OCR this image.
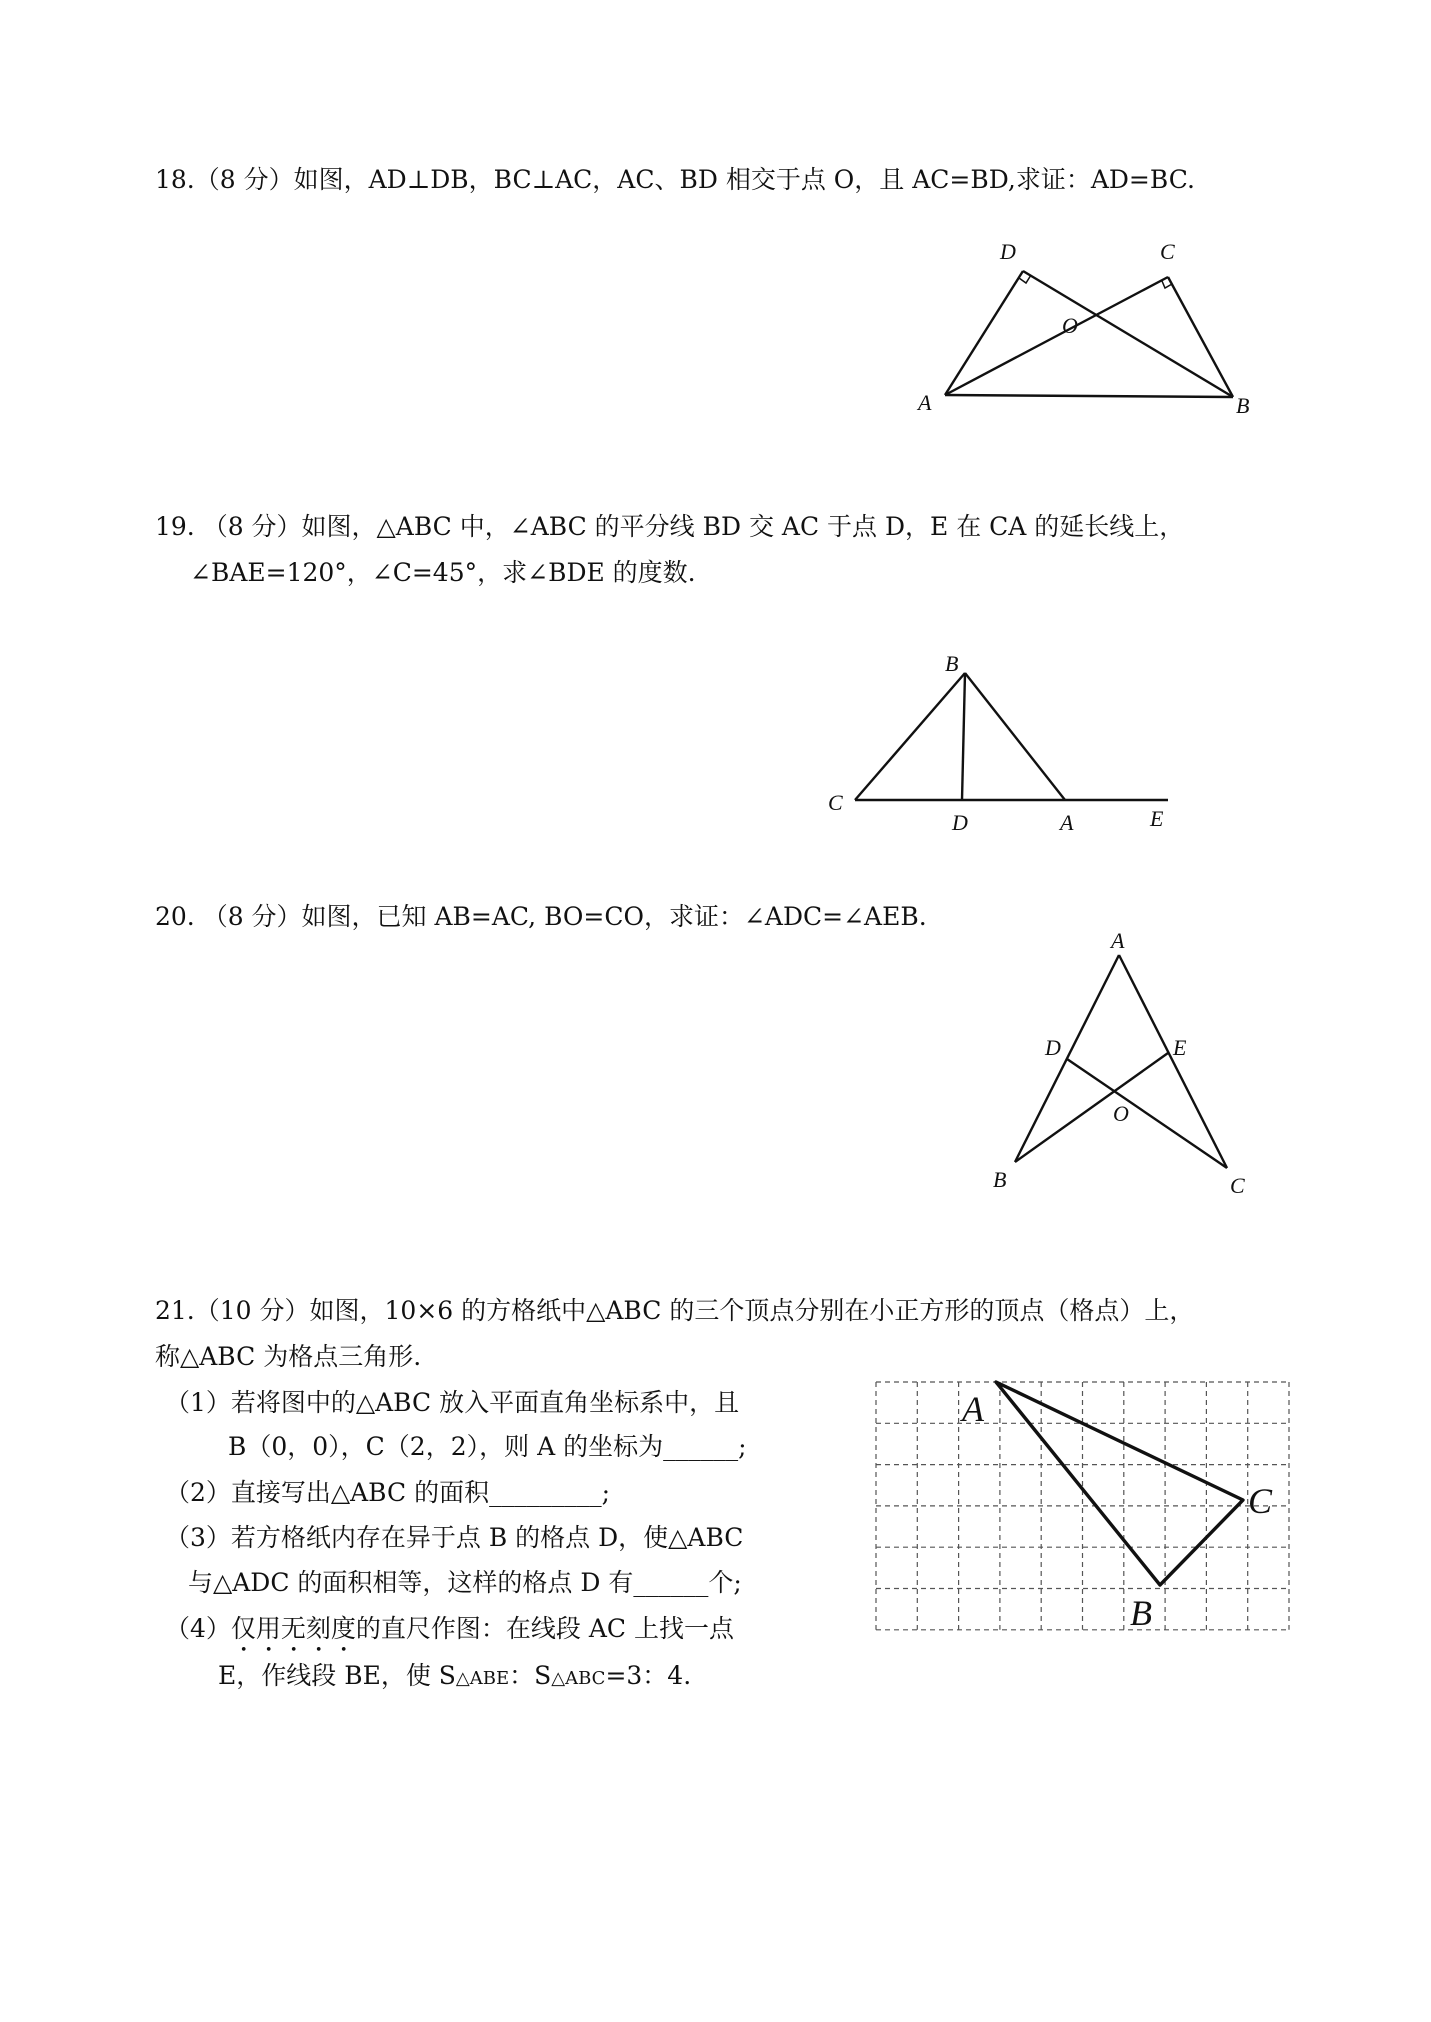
18.（8 分）如图，AD⊥DB，BC⊥AC，AC、BD 相交于点 O，且 AC=BD,求证：AD=BC.
D	C
O
A	B
19. （8 分）如图，△ABC 中，∠ABC 的平分线 BD 交 AC 于点 D，E 在 CA 的延长线上，
∠BAE=120°，∠C=45°，求∠BDE 的度数.
B
C
D	A	E
20. （8 分）如图，已知 AB=AC, BO=CO，求证：∠ADC=∠AEB.
A
D	E
O
B	C
21.（10 分）如图，10×6 的方格纸中△ABC 的三个顶点分别在小正方形的顶点（格点）上，
称△ABC 为格点三角形.
（1）若将图中的△ABC 放入平面直角坐标系中，且
B（0，0），C（2，2），则 A 的坐标为______;
（2）直接写出△ABC 的面积_________;
（3）若方格纸内存在异于点 B 的格点 D，使△ABC
与△ADC 的面积相等，这样的格点 D 有______个;
（4）仅用无刻度的直尺作图：在线段 AC 上找一点
E，作线段 BE，使 S△ABE：S△ABC=3：4.
A
B
C
